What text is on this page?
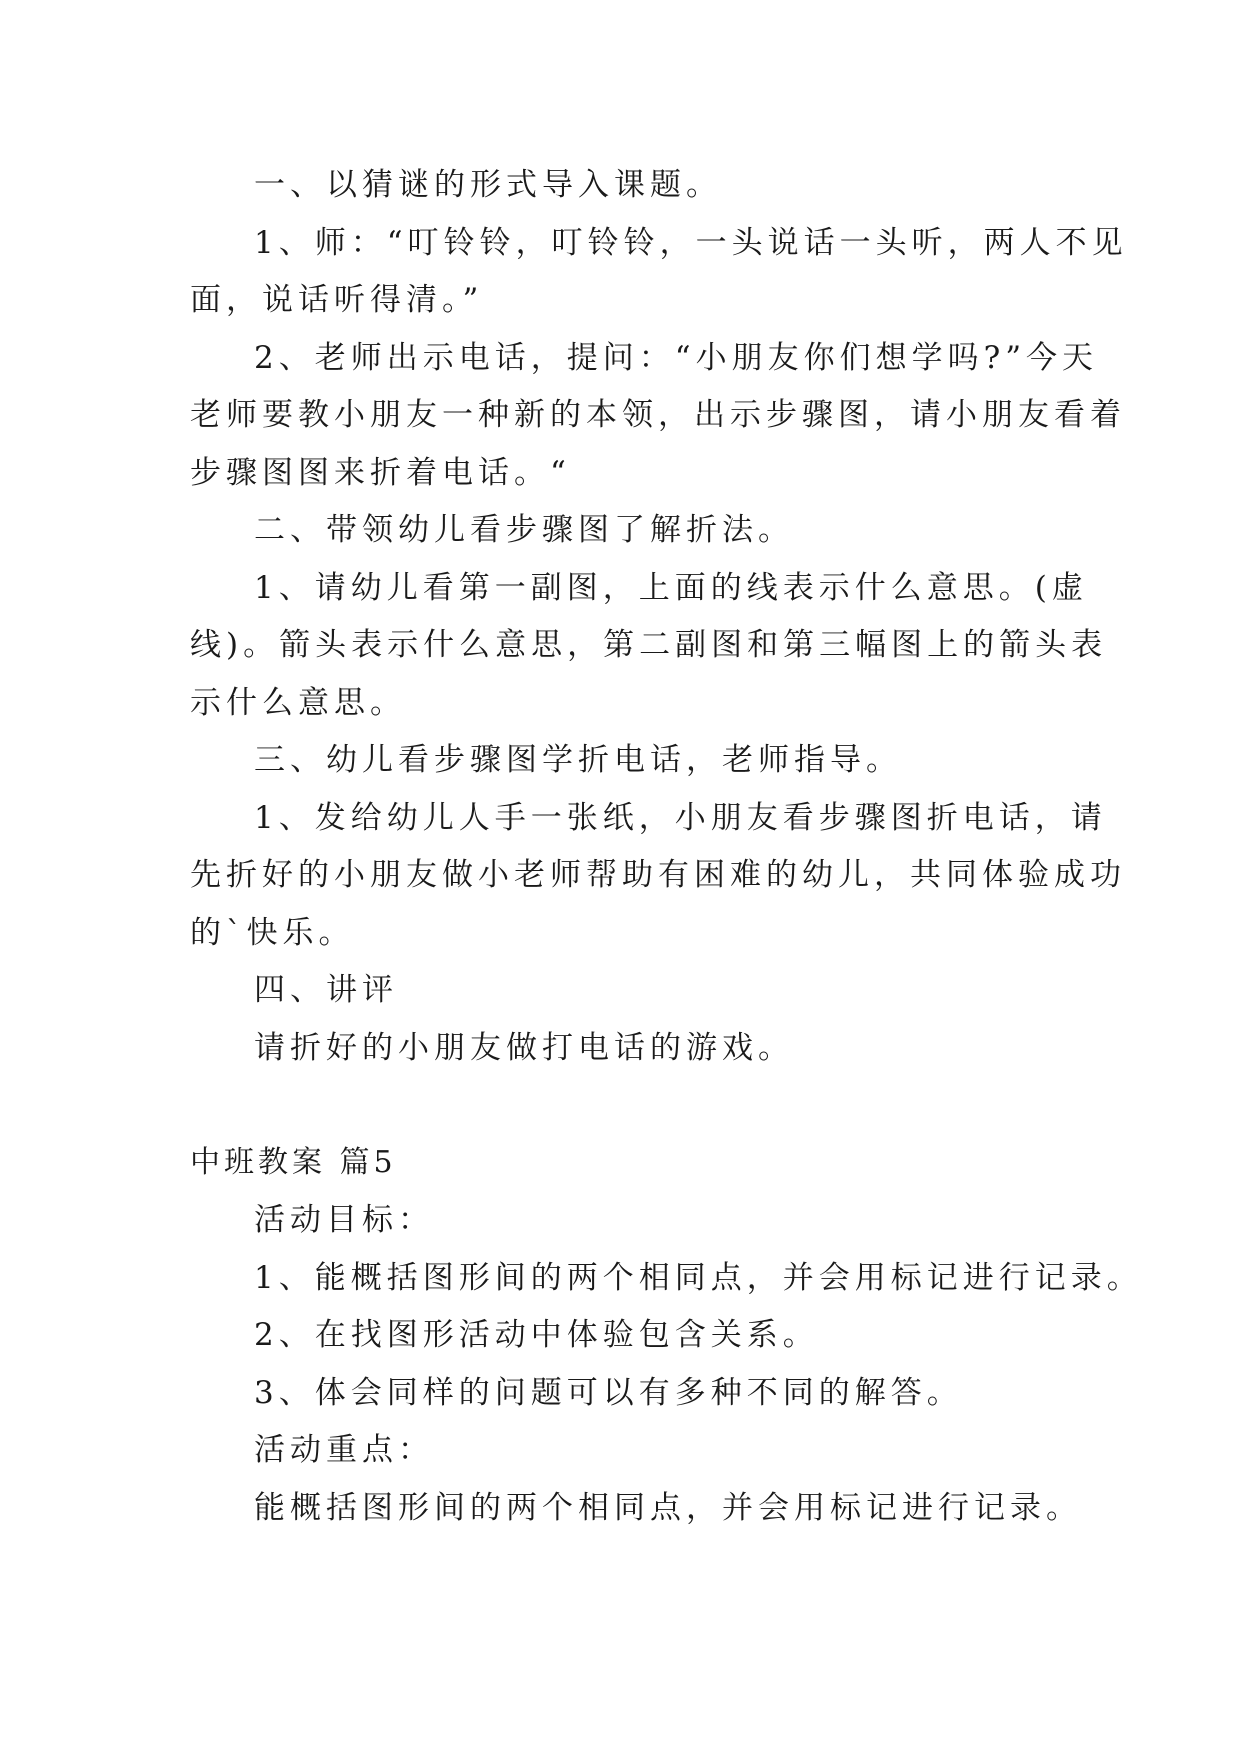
一、以猜谜的形式导入课题。
1、师：“叮铃铃，叮铃铃，一头说话一头听，两人不见
面，说话听得清。”
2、老师出示电话，提问：“小朋友你们想学吗?”今天
老师要教小朋友一种新的本领，出示步骤图，请小朋友看着
步骤图图来折着电话。“
二、带领幼儿看步骤图了解折法。
1、请幼儿看第一副图，上面的线表示什么意思。(虚
线)。箭头表示什么意思，第二副图和第三幅图上的箭头表
示什么意思。
三、幼儿看步骤图学折电话，老师指导。
1、发给幼儿人手一张纸，小朋友看步骤图折电话，请
先折好的小朋友做小老师帮助有困难的幼儿，共同体验成功
的`快乐。
四、讲评
请折好的小朋友做打电话的游戏。
中班教案 篇5
活动目标：
1、能概括图形间的两个相同点，并会用标记进行记录。
2、在找图形活动中体验包含关系。
3、体会同样的问题可以有多种不同的解答。
活动重点：
能概括图形间的两个相同点，并会用标记进行记录。
